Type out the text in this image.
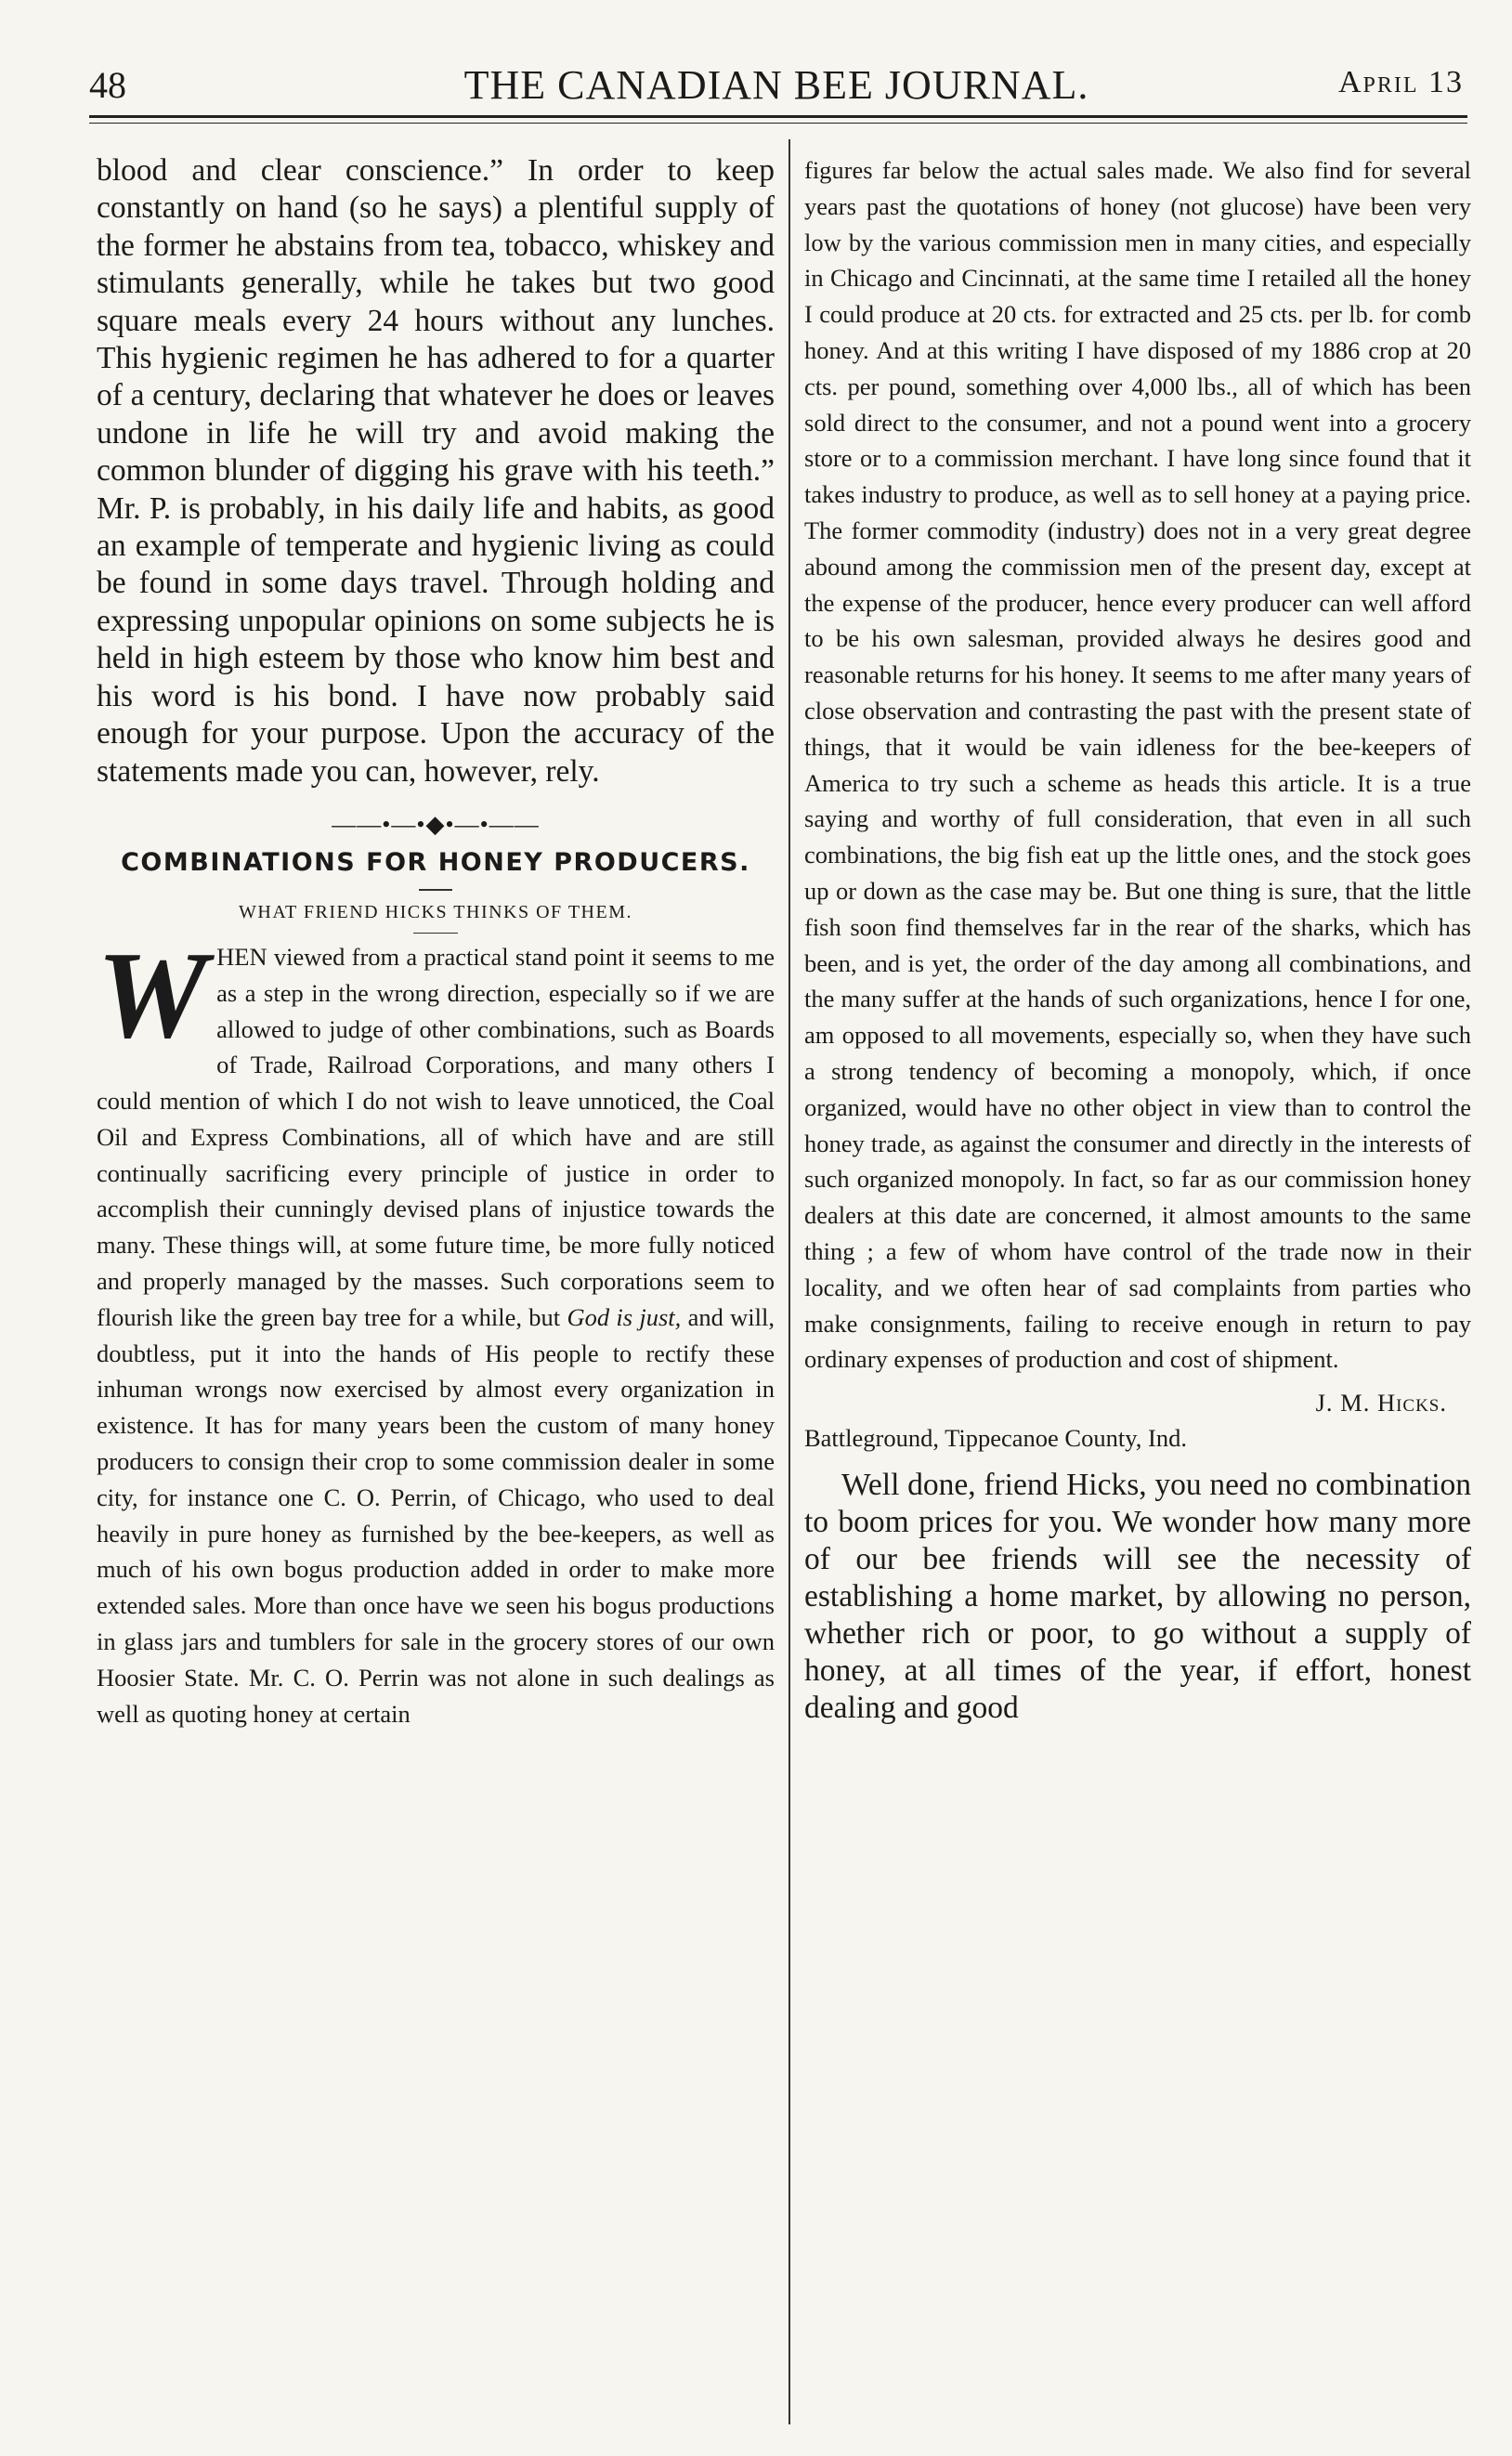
48	THE CANADIAN BEE JOURNAL.	April 13

blood and clear conscience.” In order to keep constantly on hand (so he says) a plentiful supply of the former he abstains from tea, tobacco, whiskey and stimulants generally, while he takes but two good square meals every 24 hours without any lunches. This hygienic regimen he has adhered to for a quarter of a century, declaring that whatever he does or leaves undone in life he will try and avoid making the common blunder of digging his grave with his teeth.” Mr. P. is probably, in his daily life and habits, as good an example of temperate and hygienic living as could be found in some days travel. Through holding and expressing unpopular opinions on some subjects he is held in high esteem by those who know him best and his word is his bond. I have now probably said enough for your purpose. Upon the accuracy of the statements made you can, however, rely.

——•—•◆•—•——
COMBINATIONS FOR HONEY PRODUCERS.
WHAT FRIEND HICKS THINKS OF THEM.

W HEN viewed from a practical stand point it seems to me as a step in the wrong direction, especially so if we are allowed to judge of other combinations, such as Boards of Trade, Railroad Corporations, and many others I could mention of which I do not wish to leave unnoticed, the Coal Oil and Express Combinations, all of which have and are still continually sacrificing every principle of justice in order to accomplish their cunningly devised plans of injustice towards the many. These things will, at some future time, be more fully noticed and properly managed by the masses. Such corporations seem to flourish like the green bay tree for a while, but God is just, and will, doubtless, put it into the hands of His people to rectify these inhuman wrongs now exercised by almost every organization in existence. It has for many years been the custom of many honey producers to consign their crop to some commission dealer in some city, for instance one C. O. Perrin, of Chicago, who used to deal heavily in pure honey as furnished by the bee-keepers, as well as much of his own bogus production added in order to make more extended sales. More than once have we seen his bogus productions in glass jars and tumblers for sale in the grocery stores of our own Hoosier State. Mr. C. O. Perrin was not alone in such dealings as well as quoting honey at certain

figures far below the actual sales made. We also find for several years past the quotations of honey (not glucose) have been very low by the various commission men in many cities, and especially in Chicago and Cincinnati, at the same time I retailed all the honey I could produce at 20 cts. for extracted and 25 cts. per lb. for comb honey. And at this writing I have disposed of my 1886 crop at 20 cts. per pound, something over 4,000 lbs., all of which has been sold direct to the consumer, and not a pound went into a grocery store or to a commission merchant. I have long since found that it takes industry to produce, as well as to sell honey at a paying price. The former commodity (industry) does not in a very great degree abound among the commission men of the present day, except at the expense of the producer, hence every producer can well afford to be his own salesman, provided always he desires good and reasonable returns for his honey. It seems to me after many years of close observation and contrasting the past with the present state of things, that it would be vain idleness for the bee-keepers of America to try such a scheme as heads this article. It is a true saying and worthy of full consideration, that even in all such combinations, the big fish eat up the little ones, and the stock goes up or down as the case may be. But one thing is sure, that the little fish soon find themselves far in the rear of the sharks, which has been, and is yet, the order of the day among all combinations, and the many suffer at the hands of such organizations, hence I for one, am opposed to all movements, especially so, when they have such a strong tendency of becoming a monopoly, which, if once organized, would have no other object in view than to control the honey trade, as against the consumer and directly in the interests of such organized monopoly. In fact, so far as our commission honey dealers at this date are concerned, it almost amounts to the same thing ; a few of whom have control of the trade now in their locality, and we often hear of sad complaints from parties who make consignments, failing to receive enough in return to pay ordinary expenses of production and cost of shipment.

J. M. Hicks.
Battleground, Tippecanoe County, Ind.

Well done, friend Hicks, you need no combination to boom prices for you. We wonder how many more of our bee friends will see the necessity of establishing a home market, by allowing no person, whether rich or poor, to go without a supply of honey, at all times of the year, if effort, honest dealing and good
